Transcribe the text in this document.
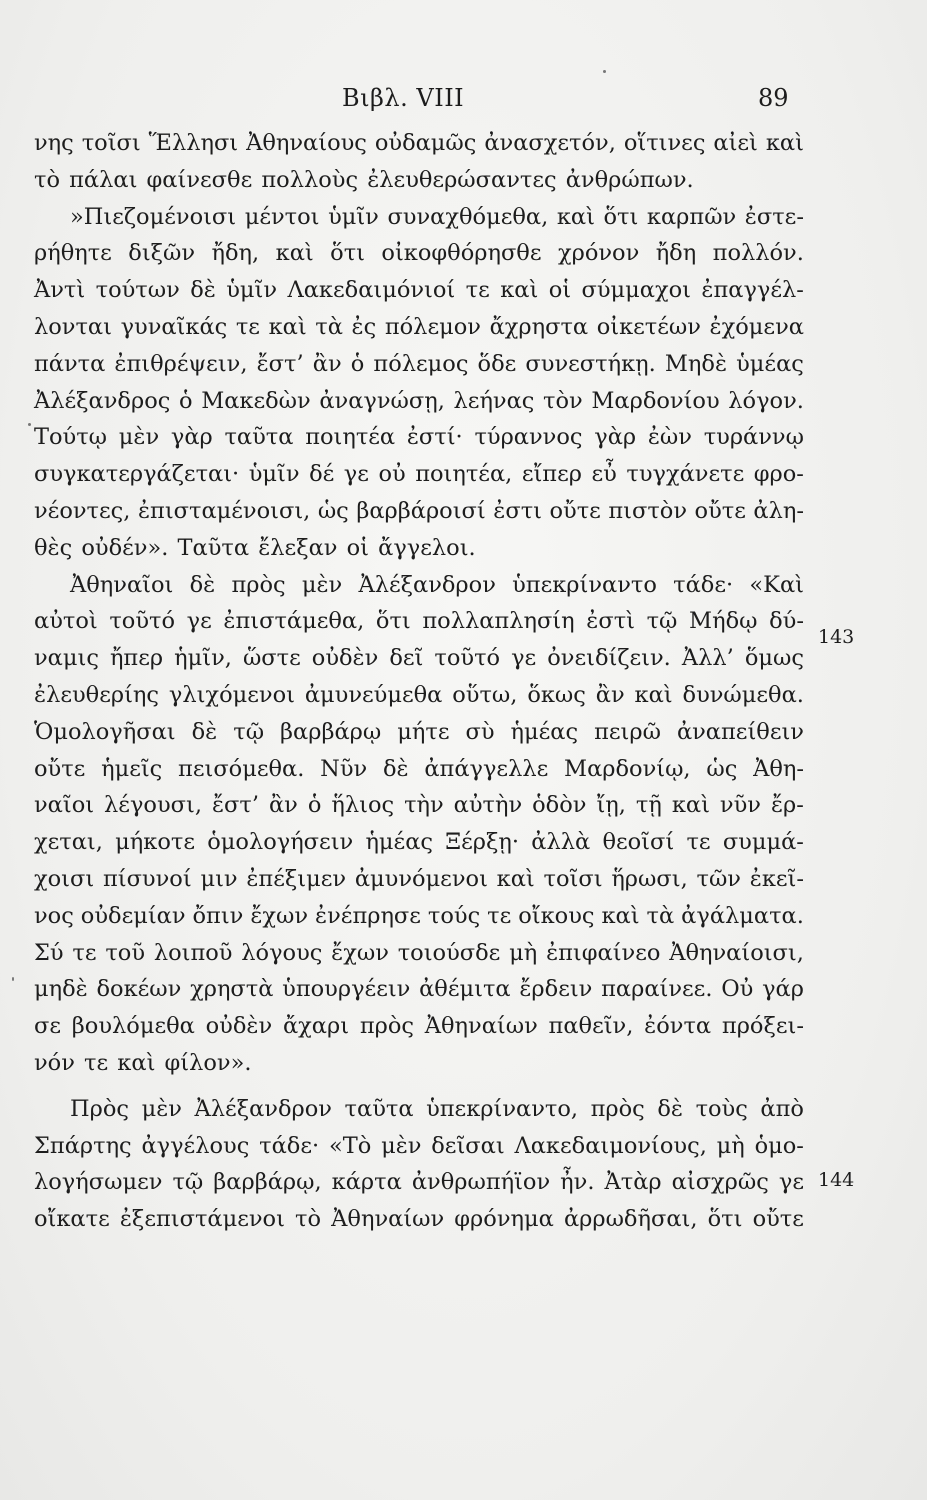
Βιβλ. VIII	89
νης τοῖσι Ἕλλησι Ἀθηναίους οὐδαμῶς ἀνασχετόν, οἵτινες αἰεὶ καὶ
τὸ πάλαι φαίνεσθε πολλοὺς ἐλευθερώσαντες ἀνθρώπων.
»Πιεζομένοισι μέντοι ὑμῖν συναχθόμεθα, καὶ ὅτι καρπῶν ἐστε-
ρήθητε διξῶν ἤδη, καὶ ὅτι οἰκοφθόρησθε χρόνον ἤδη πολλόν.
Ἀντὶ τούτων δὲ ὑμῖν Λακεδαιμόνιοί τε καὶ οἱ σύμμαχοι ἐπαγγέλ-
λονται γυναῖκάς τε καὶ τὰ ἐς πόλεμον ἄχρηστα οἰκετέων ἐχόμενα
πάντα ἐπιθρέψειν, ἔστ’ ἂν ὁ πόλεμος ὅδε συνεστήκῃ. Μηδὲ ὑμέας
Ἀλέξανδρος ὁ Μακεδὼν ἀναγνώσῃ, λεήνας τὸν Μαρδονίου λόγον.
Τούτῳ μὲν γὰρ ταῦτα ποιητέα ἐστί· τύραννος γὰρ ἐὼν τυράννῳ
συγκατεργάζεται· ὑμῖν δέ γε οὐ ποιητέα, εἴπερ εὖ τυγχάνετε φρο-
νέοντες, ἐπισταμένοισι, ὡς βαρβάροισί ἐστι οὔτε πιστὸν οὔτε ἀλη-
θὲς οὐδέν». Ταῦτα ἔλεξαν οἱ ἄγγελοι.
Ἀθηναῖοι δὲ πρὸς μὲν Ἀλέξανδρον ὑπεκρίναντο τάδε· «Καὶ
αὐτοὶ τοῦτό γε ἐπιστάμεθα, ὅτι πολλαπλησίη ἐστὶ τῷ Μήδῳ δύ-
ναμις ἤπερ ἡμῖν, ὥστε οὐδὲν δεῖ τοῦτό γε ὀνειδίζειν. Ἀλλ’ ὅμως
ἐλευθερίης γλιχόμενοι ἀμυνεύμεθα οὕτω, ὅκως ἂν καὶ δυνώμεθα.
Ὁμολογῆσαι δὲ τῷ βαρβάρῳ μήτε σὺ ἡμέας πειρῶ ἀναπείθειν
οὔτε ἡμεῖς πεισόμεθα. Νῦν δὲ ἀπάγγελλε Μαρδονίῳ, ὡς Ἀθη-
ναῖοι λέγουσι, ἔστ’ ἂν ὁ ἥλιος τὴν αὐτὴν ὁδὸν ἴῃ, τῇ καὶ νῦν ἔρ-
χεται, μήκοτε ὁμολογήσειν ἡμέας Ξέρξῃ· ἀλλὰ θεοῖσί τε συμμά-
χοισι πίσυνοί μιν ἐπέξιμεν ἀμυνόμενοι καὶ τοῖσι ἥρωσι, τῶν ἐκεῖ-
νος οὐδεμίαν ὄπιν ἔχων ἐνέπρησε τούς τε οἴκους καὶ τὰ ἀγάλματα.
Σύ τε τοῦ λοιποῦ λόγους ἔχων τοιούσδε μὴ ἐπιφαίνεο Ἀθηναίοισι,
μηδὲ δοκέων χρηστὰ ὑπουργέειν ἀθέμιτα ἔρδειν παραίνεε. Οὐ γάρ
σε βουλόμεθα οὐδὲν ἄχαρι πρὸς Ἀθηναίων παθεῖν, ἐόντα πρόξει-
νόν τε καὶ φίλον».
Πρὸς μὲν Ἀλέξανδρον ταῦτα ὑπεκρίναντο, πρὸς δὲ τοὺς ἀπὸ
Σπάρτης ἀγγέλους τάδε· «Τὸ μὲν δεῖσαι Λακεδαιμονίους, μὴ ὁμο-
λογήσωμεν τῷ βαρβάρῳ, κάρτα ἀνθρωπήϊον ἦν. Ἀτὰρ αἰσχρῶς γε
οἴκατε ἐξεπιστάμενοι τὸ Ἀθηναίων φρόνημα ἀρρωδῆσαι, ὅτι οὔτε
143
144
